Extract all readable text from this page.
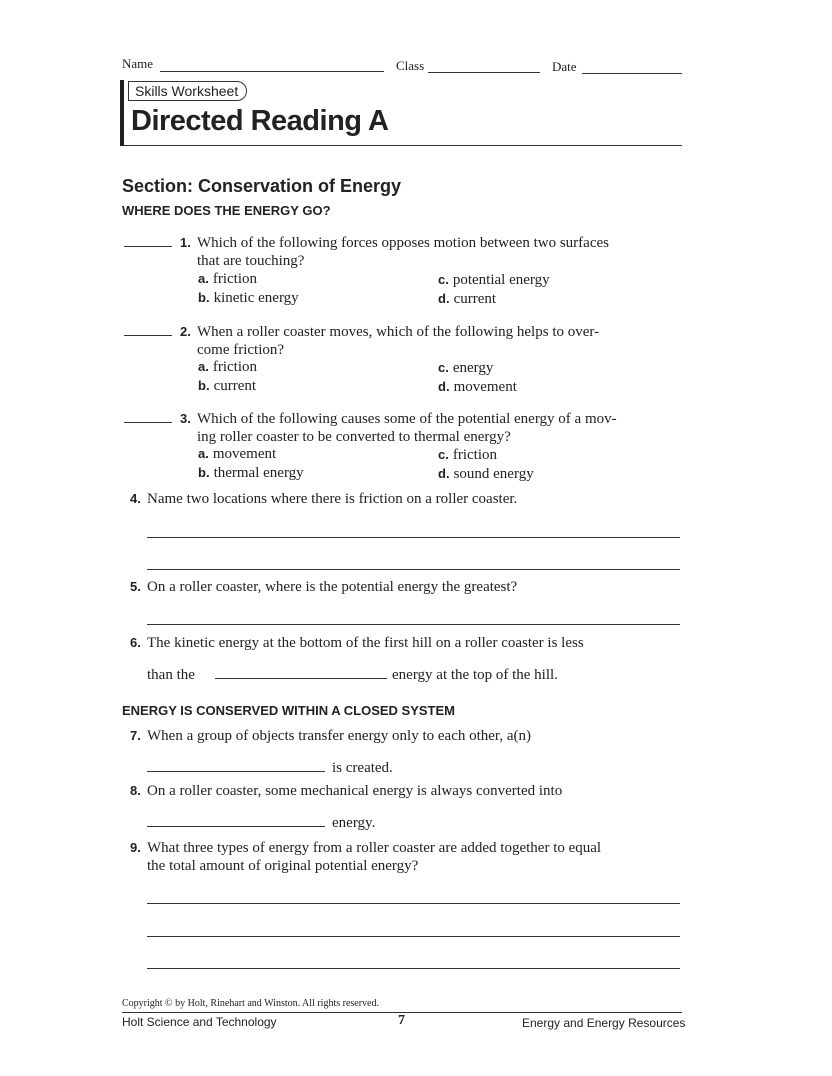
Name	Class	Date
Skills Worksheet
Directed Reading A
Section: Conservation of Energy
WHERE DOES THE ENERGY GO?
1. Which of the following forces opposes motion between two surfaces
that are touching?
a. friction
b. kinetic energy
c. potential energy
d. current
2. When a roller coaster moves, which of the following helps to over-
come friction?
a. friction
b. current
c. energy
d. movement
3. Which of the following causes some of the potential energy of a mov-
ing roller coaster to be converted to thermal energy?
a. movement
b. thermal energy
c. friction
d. sound energy
4. Name two locations where there is friction on a roller coaster.
5. On a roller coaster, where is the potential energy the greatest?
6. The kinetic energy at the bottom of the first hill on a roller coaster is less
than the	energy at the top of the hill.
ENERGY IS CONSERVED WITHIN A CLOSED SYSTEM
7. When a group of objects transfer energy only to each other, a(n)
is created.
8. On a roller coaster, some mechanical energy is always converted into
energy.
9. What three types of energy from a roller coaster are added together to equal
the total amount of original potential energy?
Copyright © by Holt, Rinehart and Winston. All rights reserved.
Holt Science and Technology	7	Energy and Energy Resources
